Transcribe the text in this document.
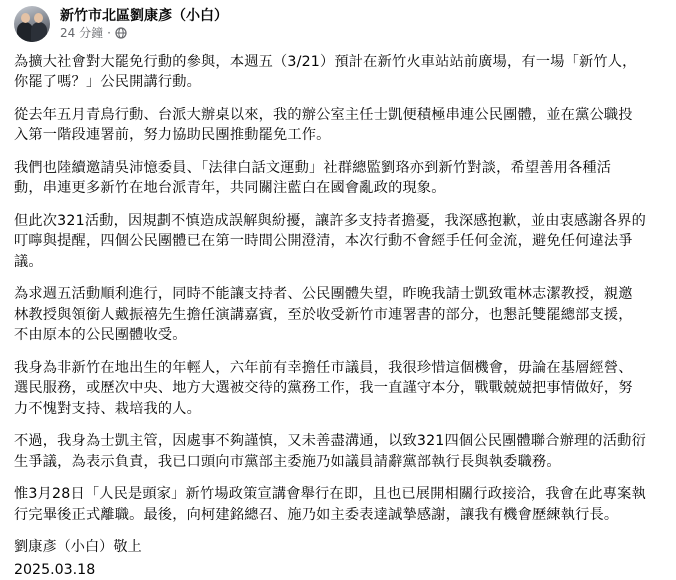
新竹市北區劉康彥（小白）
24 分鐘 ·

為擴大社會對大罷免行動的參與，本週五（3/21）預計在新竹火車站站前廣場，有一場「新竹人，
你罷了嗎？」公民開講行動。

從去年五月青鳥行動、台派大辦桌以來，我的辦公室主任士凱便積極串連公民團體，並在黨公職投
入第一階段連署前，努力協助民團推動罷免工作。

我們也陸續邀請吳沛憶委員、「法律白話文運動」社群總監劉珞亦到新竹對談，希望善用各種活
動，串連更多新竹在地台派青年，共同關注藍白在國會亂政的現象。

但此次321活動，因規劃不慎造成誤解與紛擾，讓許多支持者擔憂，我深感抱歉，並由衷感謝各界的
叮嚀與提醒，四個公民團體已在第一時間公開澄清，本次行動不會經手任何金流，避免任何違法爭
議。

為求週五活動順利進行，同時不能讓支持者、公民團體失望，昨晚我請士凱致電林志潔教授，親邀
林教授與領銜人戴振禧先生擔任演講嘉賓，至於收受新竹市連署書的部分，也懇託雙罷總部支援，
不由原本的公民團體收受。

我身為非新竹在地出生的年輕人，六年前有幸擔任市議員，我很珍惜這個機會，毋論在基層經營、
選民服務，或歷次中央、地方大選被交待的黨務工作，我一直謹守本分，戰戰兢兢把事情做好，努
力不愧對支持、栽培我的人。

不過，我身為士凱主管，因處事不夠謹慎，又未善盡溝通，以致321四個公民團體聯合辦理的活動衍
生爭議，為表示負責，我已口頭向市黨部主委施乃如議員請辭黨部執行長與執委職務。

惟3月28日「人民是頭家」新竹場政策宣講會舉行在即，且也已展開相關行政接洽，我會在此專案執
行完畢後正式離職。最後，向柯建銘總召、施乃如主委表達誠摯感謝，讓我有機會歷練執行長。

劉康彥（小白）敬上

2025.03.18
